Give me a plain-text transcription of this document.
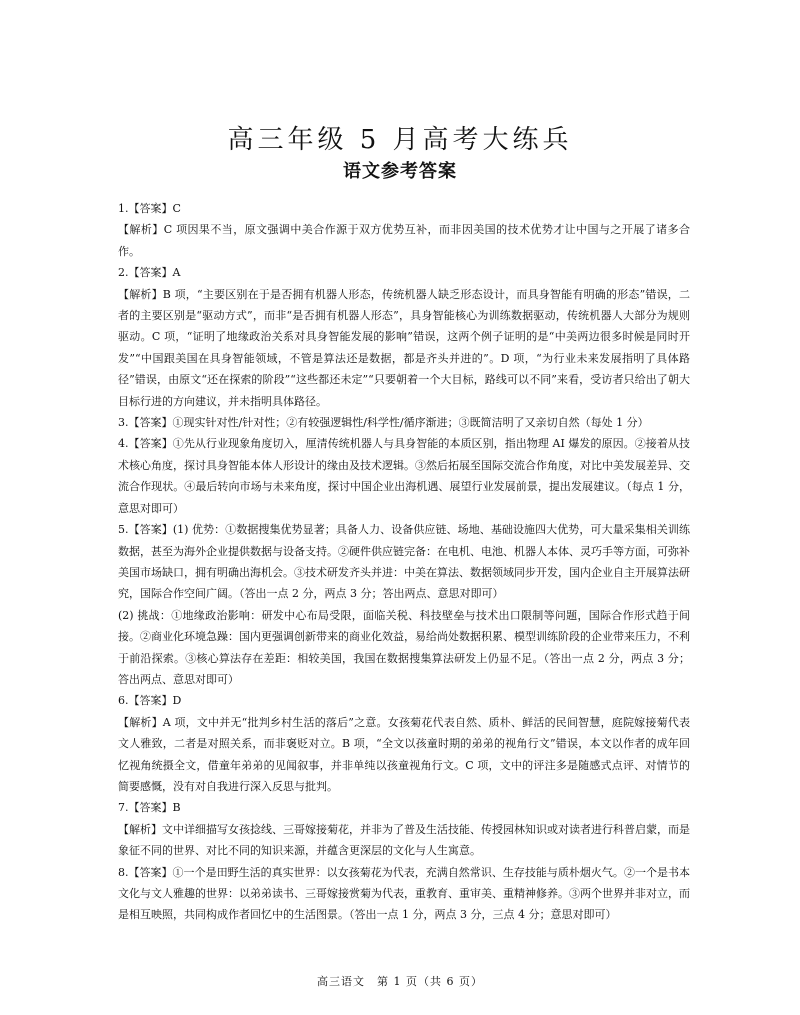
高三年级 5 月高考大练兵
语文参考答案

1.【答案】C

【解析】C 项因果不当，原文强调中美合作源于双方优势互补，而非因美国的技术优势才让中国与之开展了诸多合作。

2.【答案】A

【解析】B 项，“主要区别在于是否拥有机器人形态，传统机器人缺乏形态设计，而具身智能有明确的形态”错误，二者的主要区别是“驱动方式”，而非“是否拥有机器人形态”，具身智能核心为训练数据驱动，传统机器人大部分为规则驱动。C 项，“证明了地缘政治关系对具身智能发展的影响”错误，这两个例子证明的是“中美两边很多时候是同时开发”“中国跟美国在具身智能领域，不管是算法还是数据，都是齐头并进的”。D 项，“为行业未来发展指明了具体路径”错误，由原文“还在探索的阶段”“这些都还未定”“只要朝着一个大目标，路线可以不同”来看，受访者只给出了朝大目标行进的方向建议，并未指明具体路径。

3.【答案】①现实针对性/针对性；②有较强逻辑性/科学性/循序渐进；③既简洁明了又亲切自然（每处 1 分）

4.【答案】①先从行业现象角度切入，厘清传统机器人与具身智能的本质区别，指出物理 AI 爆发的原因。②接着从技术核心角度，探讨具身智能本体人形设计的缘由及技术逻辑。③然后拓展至国际交流合作角度，对比中美发展差异、交流合作现状。④最后转向市场与未来角度，探讨中国企业出海机遇、展望行业发展前景，提出发展建议。（每点 1 分，意思对即可）

5.【答案】(1) 优势：①数据搜集优势显著；具备人力、设备供应链、场地、基础设施四大优势，可大量采集相关训练数据，甚至为海外企业提供数据与设备支持。②硬件供应链完备：在电机、电池、机器人本体、灵巧手等方面，可弥补美国市场缺口，拥有明确出海机会。③技术研发齐头并进：中美在算法、数据领域同步开发，国内企业自主开展算法研究，国际合作空间广阔。（答出一点 2 分，两点 3 分；答出两点、意思对即可）

(2) 挑战：①地缘政治影响：研发中心布局受限，面临关税、科技壁垒与技术出口限制等问题，国际合作形式趋于间接。②商业化环境急躁：国内更强调创新带来的商业化效益，易给尚处数据积累、模型训练阶段的企业带来压力，不利于前沿探索。③核心算法存在差距：相较美国，我国在数据搜集算法研发上仍显不足。（答出一点 2 分，两点 3 分；答出两点、意思对即可）

6.【答案】D

【解析】A 项，文中并无“批判乡村生活的落后”之意。女孩菊花代表自然、质朴、鲜活的民间智慧，庭院嫁接菊代表文人雅致，二者是对照关系，而非褒贬对立。B 项，“全文以孩童时期的弟弟的视角行文”错误，本文以作者的成年回忆视角统摄全文，借童年弟弟的见闻叙事，并非单纯以孩童视角行文。C 项，文中的评注多是随感式点评、对情节的简要感慨，没有对自我进行深入反思与批判。

7.【答案】B

【解析】文中详细描写女孩捻线、三哥嫁接菊花，并非为了普及生活技能、传授园林知识或对读者进行科普启蒙，而是象征不同的世界、对比不同的知识来源，并蕴含更深层的文化与人生寓意。

8.【答案】①一个是田野生活的真实世界：以女孩菊花为代表，充满自然常识、生存技能与质朴烟火气。②一个是书本文化与文人雅趣的世界：以弟弟读书、三哥嫁接赏菊为代表，重教育、重审美、重精神修养。③两个世界并非对立，而是相互映照，共同构成作者回忆中的生活图景。（答出一点 1 分，两点 3 分，三点 4 分；意思对即可）

高三语文　第 1 页（共 6 页）
